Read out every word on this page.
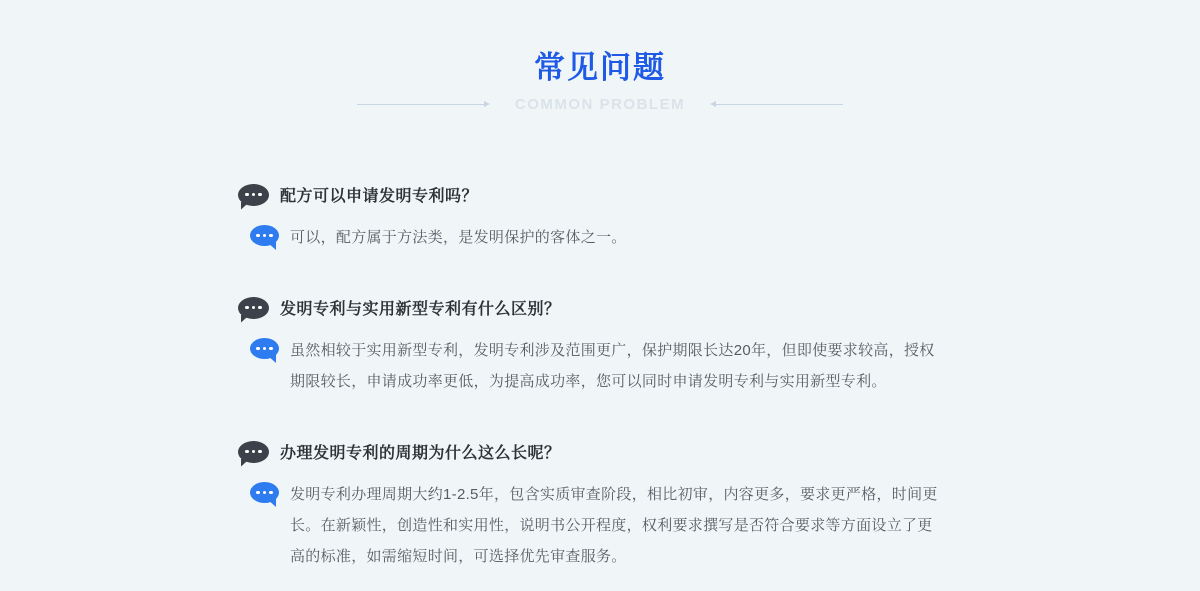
常见问题
COMMON PROBLEM
配方可以申请发明专利吗？
可以，配方属于方法类，是发明保护的客体之一。
发明专利与实用新型专利有什么区别？
虽然相较于实用新型专利，发明专利涉及范围更广，保护期限长达20年，但即使要求较高，授权期限较长，申请成功率更低，为提高成功率，您可以同时申请发明专利与实用新型专利。
办理发明专利的周期为什么这么长呢？
发明专利办理周期大约1-2.5年，包含实质审查阶段，相比初审，内容更多，要求更严格，时间更长。在新颖性，创造性和实用性，说明书公开程度，权利要求撰写是否符合要求等方面设立了更高的标准，如需缩短时间，可选择优先审查服务。
